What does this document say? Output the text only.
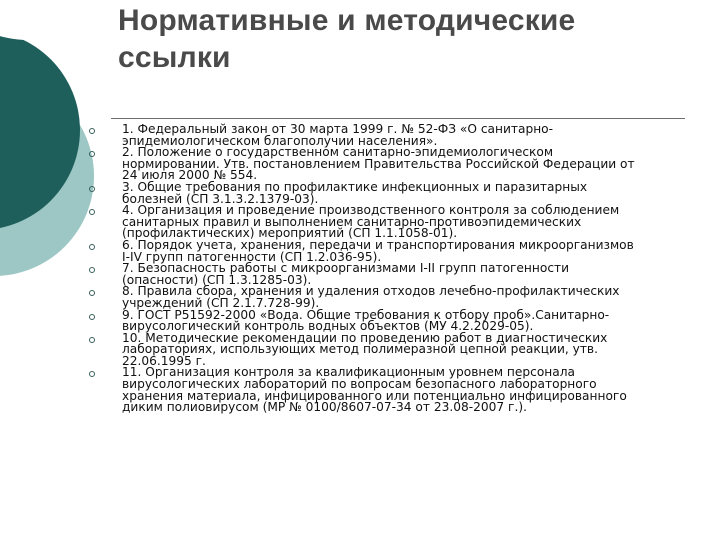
Нормативные и методические
ссылки
1. Федеральный закон от 30 марта 1999 г. № 52-ФЗ «О санитарно-
эпидемиологическом благополучии населения».
2. Положение о государственном санитарно-эпидемиологическом
нормировании. Утв. постановлением Правительства Российской Федерации от
24 июля 2000 № 554.
3. Общие требования по профилактике инфекционных и паразитарных
болезней (СП 3.1.3.2.1379-03).
4. Организация и проведение производственного контроля за соблюдением
санитарных правил и выполнением санитарно-противоэпидемических
(профилактических) мероприятий (СП 1.1.1058-01).
6. Порядок учета, хранения, передачи и транспортирования микроорганизмов
I-IV групп патогенности (СП 1.2.036-95).
7. Безопасность работы с микроорганизмами I-II групп патогенности
(опасности) (СП 1.3.1285-03).
8. Правила сбора, хранения и удаления отходов лечебно-профилактических
учреждений (СП 2.1.7.728-99).
9. ГОСТ Р51592-2000 «Вода. Общие требования к отбору проб».Санитарно-
вирусологический контроль водных объектов (МУ 4.2.2029-05).
10. Методические рекомендации по проведению работ в диагностических
лабораториях, использующих метод полимеразной цепной реакции, утв.
22.06.1995 г.
11. Организация контроля за квалификационным уровнем персонала
вирусологических лабораторий по вопросам безопасного лабораторного
хранения материала, инфицированного или потенциально инфицированного
диким полиовирусом (МР № 0100/8607-07-34 от 23.08-2007 г.).
